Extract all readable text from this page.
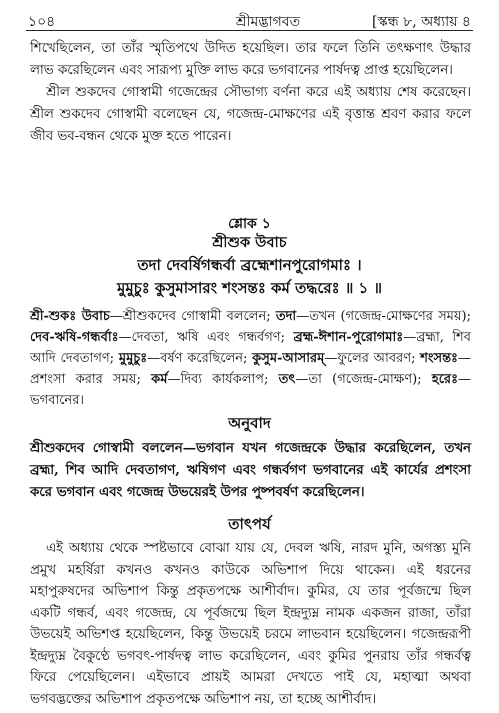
১০৪	শ্রীমদ্ভাগবত	[স্কন্ধ ৮, অধ্যায় ৪

শিখেছিলেন, তা তাঁর স্মৃতিপথে উদিত হয়েছিল। তার ফলে তিনি তৎক্ষণাৎ উদ্ধার লাভ করেছিলেন এবং সারূপ্য মুক্তি লাভ করে ভগবানের পার্ষদত্ব প্রাপ্ত হয়েছিলেন।

শ্রীল শুকদেব গোস্বামী গজেন্দ্রের সৌভাগ্য বর্ণনা করে এই অধ্যায় শেষ করেছেন। শ্রীল শুকদেব গোস্বামী বলেছেন যে, গজেন্দ্র-মোক্ষণের এই বৃত্তান্ত শ্রবণ করার ফলে জীব ভব-বন্ধন থেকে মুক্ত হতে পারেন।

শ্লোক ১
শ্রীশুক উবাচ
তদা দেবর্ষিগন্ধর্বা ব্রহ্মেশানপুরোগমাঃ ।
মুমুচুঃ কুসুমাসারং শংসন্তঃ কর্ম তদ্ধরেঃ ॥ ১ ॥

শ্রী-শুকঃ উবাচ—শ্রীশুকদেব গোস্বামী বললেন; তদা—তখন (গজেন্দ্র-মোক্ষণের সময়); দেব-ঋষি-গন্ধর্বাঃ—দেবতা, ঋষি এবং গন্ধর্বগণ; ব্রহ্ম-ঈশান-পুরোগমাঃ—ব্রহ্মা, শিব আদি দেবতাগণ; মুমুচুঃ—বর্ষণ করেছিলেন; কুসুম-আসারম্—ফুলের আবরণ; শংসন্তঃ—প্রশংসা করার সময়; কর্ম—দিব্য কার্যকলাপ; তৎ—তা (গজেন্দ্র-মোক্ষণ); হরেঃ—ভগবানের।

অনুবাদ

শ্রীশুকদেব গোস্বামী বললেন—ভগবান যখন গজেন্দ্রকে উদ্ধার করেছিলেন, তখন ব্রহ্মা, শিব আদি দেবতাগণ, ঋষিগণ এবং গন্ধর্বগণ ভগবানের এই কার্যের প্রশংসা করে ভগবান এবং গজেন্দ্র উভয়েরই উপর পুষ্পবর্ষণ করেছিলেন।

তাৎপর্য

এই অধ্যায় থেকে স্পষ্টভাবে বোঝা যায় যে, দেবল ঋষি, নারদ মুনি, অগস্ত্য মুনি প্রমুখ মহর্ষিরা কখনও কখনও কাউকে অভিশাপ দিয়ে থাকেন। এই ধরনের মহাপুরুষদের অভিশাপ কিন্তু প্রকৃতপক্ষে আশীর্বাদ। কুমির, যে তার পূর্বজন্মে ছিল একটি গন্ধর্ব, এবং গজেন্দ্র, যে পূর্বজন্মে ছিল ইন্দ্রদ্যুম্ন নামক একজন রাজা, তাঁরা উভয়েই অভিশপ্ত হয়েছিলেন, কিন্তু উভয়েই চরমে লাভবান হয়েছিলেন। গজেন্দ্ররূপী ইন্দ্রদ্যুম্ন বৈকুণ্ঠে ভগবৎ-পার্ষদত্ব লাভ করেছিলেন, এবং কুমির পুনরায় তাঁর গন্ধর্বত্ব ফিরে পেয়েছিলেন। এইভাবে প্রায়ই আমরা দেখতে পাই যে, মহাত্মা অথবা ভগবদ্ভক্তের অভিশাপ প্রকৃতপক্ষে অভিশাপ নয়, তা হচ্ছে আশীর্বাদ।
